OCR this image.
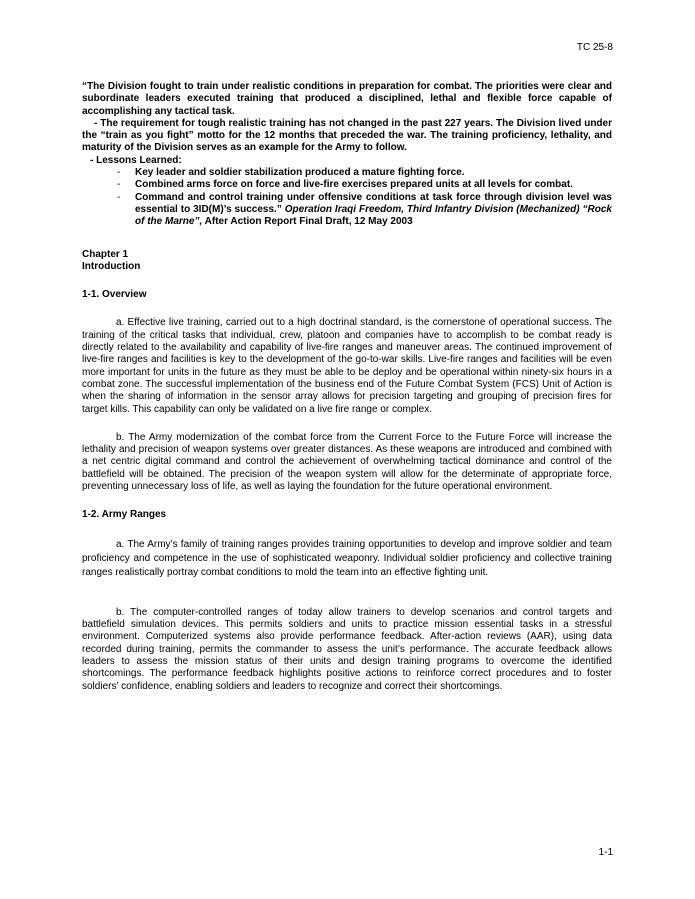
TC 25-8

“The Division fought to train under realistic conditions in preparation for combat. The priorities were clear and subordinate leaders executed training that produced a disciplined, lethal and flexible force capable of accomplishing any tactical task.

- The requirement for tough realistic training has not changed in the past 227 years. The Division lived under the “train as you fight” motto for the 12 months that preceded the war. The training proficiency, lethality, and maturity of the Division serves as an example for the Army to follow.

- Lessons Learned:
- Key leader and soldier stabilization produced a mature fighting force.
- Combined arms force on force and live-fire exercises prepared units at all levels for combat.
- Command and control training under offensive conditions at task force through division level was essential to 3ID(M)’s success.” Operation Iraqi Freedom, Third Infantry Division (Mechanized) “Rock of the Marne”, After Action Report Final Draft, 12 May 2003
Chapter 1
Introduction
1-1. Overview
a. Effective live training, carried out to a high doctrinal standard, is the cornerstone of operational success. The training of the critical tasks that individual, crew, platoon and companies have to accomplish to be combat ready is directly related to the availability and capability of live-fire ranges and maneuver areas. The continued improvement of live-fire ranges and facilities is key to the development of the go-to-war skills. Live-fire ranges and facilities will be even more important for units in the future as they must be able to be deploy and be operational within ninety-six hours in a combat zone. The successful implementation of the business end of the Future Combat System (FCS) Unit of Action is when the sharing of information in the sensor array allows for precision targeting and grouping of precision fires for target kills. This capability can only be validated on a live fire range or complex.
b. The Army modernization of the combat force from the Current Force to the Future Force will increase the lethality and precision of weapon systems over greater distances. As these weapons are introduced and combined with a net centric digital command and control the achievement of overwhelming tactical dominance and control of the battlefield will be obtained. The precision of the weapon system will allow for the determinate of appropriate force, preventing unnecessary loss of life, as well as laying the foundation for the future operational environment.
1-2. Army Ranges
a. The Army’s family of training ranges provides training opportunities to develop and improve soldier and team proficiency and competence in the use of sophisticated weaponry. Individual soldier proficiency and collective training ranges realistically portray combat conditions to mold the team into an effective fighting unit.
b. The computer-controlled ranges of today allow trainers to develop scenarios and control targets and battlefield simulation devices. This permits soldiers and units to practice mission essential tasks in a stressful environment. Computerized systems also provide performance feedback. After-action reviews (AAR), using data recorded during training, permits the commander to assess the unit’s performance. The accurate feedback allows leaders to assess the mission status of their units and design training programs to overcome the identified shortcomings. The performance feedback highlights positive actions to reinforce correct procedures and to foster soldiers’ confidence, enabling soldiers and leaders to recognize and correct their shortcomings.
1-1
